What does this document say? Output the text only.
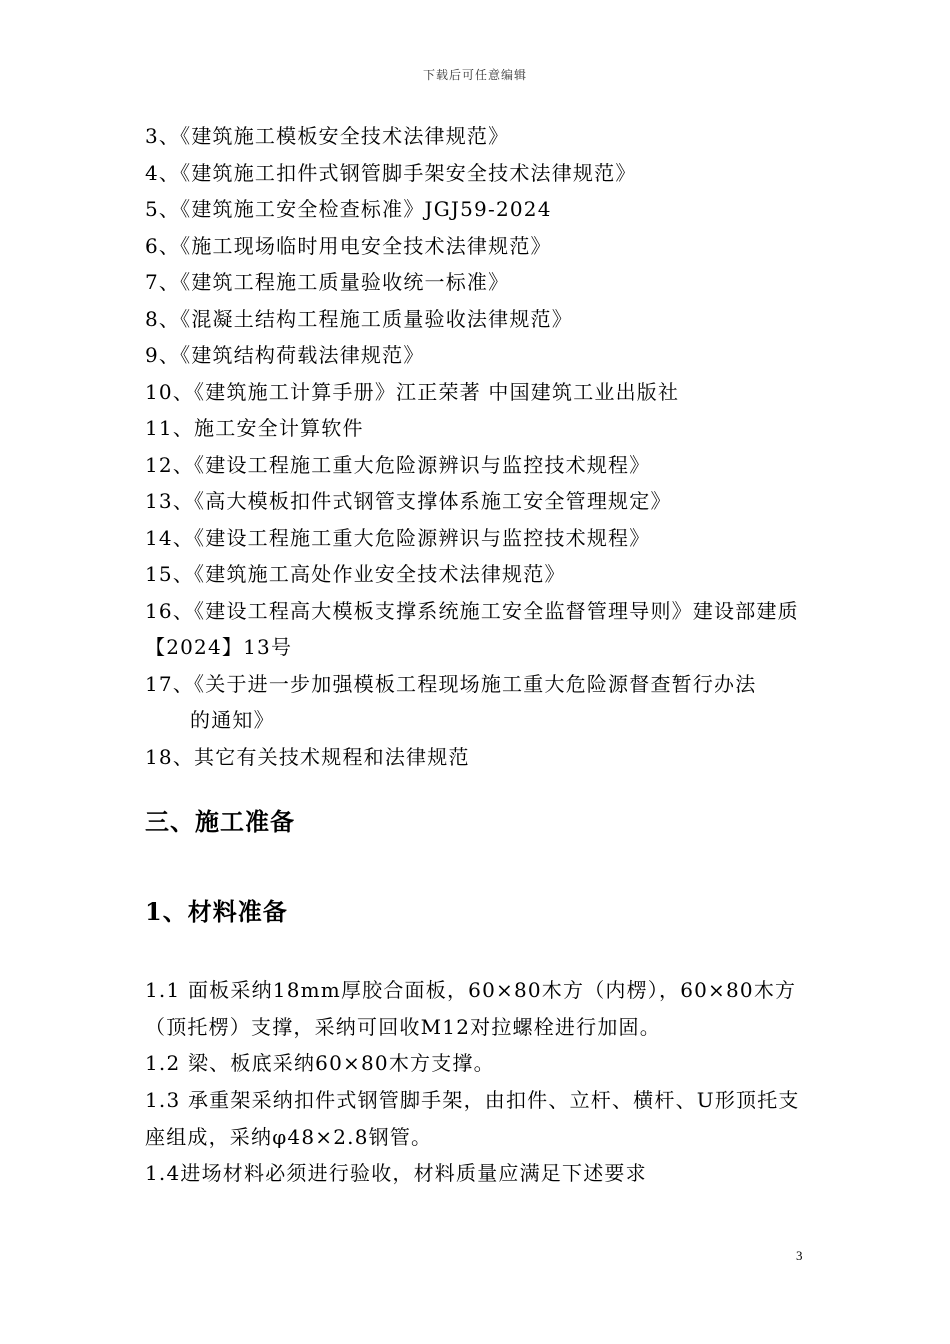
下载后可任意编辑
3、《建筑施工模板安全技术法律规范》
4、《建筑施工扣件式钢管脚手架安全技术法律规范》
5、《建筑施工安全检查标准》JGJ59-2024
6、《施工现场临时用电安全技术法律规范》
7、《建筑工程施工质量验收统一标准》
8、《混凝土结构工程施工质量验收法律规范》
9、《建筑结构荷载法律规范》
10、《建筑施工计算手册》江正荣著 中国建筑工业出版社
11、施工安全计算软件
12、《建设工程施工重大危险源辨识与监控技术规程》
13、《高大模板扣件式钢管支撑体系施工安全管理规定》
14、《建设工程施工重大危险源辨识与监控技术规程》
15、《建筑施工高处作业安全技术法律规范》
16、《建设工程高大模板支撑系统施工安全监督管理导则》建设部建质【2024】13号
17、《关于进一步加强模板工程现场施工重大危险源督查暂行办法
的通知》
18、其它有关技术规程和法律规范
三、施工准备
1、材料准备

1.1 面板采纳18mm厚胶合面板，60×80木方（内楞），60×80木方（顶托楞）支撑，采纳可回收M12对拉螺栓进行加固。

1.2 梁、板底采纳60×80木方支撑。

1.3 承重架采纳扣件式钢管脚手架，由扣件、立杆、横杆、U形顶托支座组成，采纳φ48×2.8钢管。

1.4进场材料必须进行验收，材料质量应满足下述要求

3
